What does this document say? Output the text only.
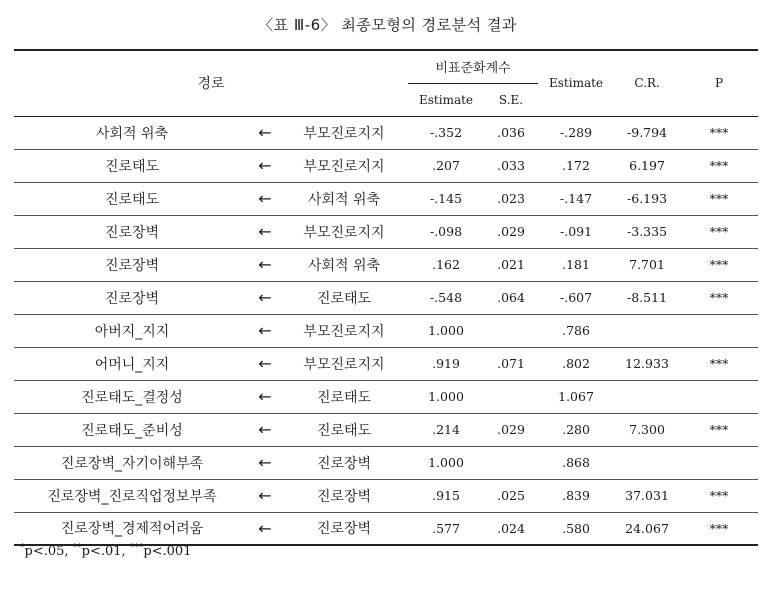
〈표 Ⅲ-6〉 최종모형의 경로분석 결과
경로			비표준화계수		Estimate	C.R.	P
			Estimate	S.E.			
사회적 위축	←	부모진로지지	-.352	.036	-.289	-9.794	***
진로태도	←	부모진로지지	.207	.033	.172	6.197	***
진로태도	←	사회적 위축	-.145	.023	-.147	-6.193	***
진로장벽	←	부모진로지지	-.098	.029	-.091	-3.335	***
진로장벽	←	사회적 위축	.162	.021	.181	7.701	***
진로장벽	←	진로태도	-.548	.064	-.607	-8.511	***
아버지_지지	←	부모진로지지	1.000		.786		
어머니_지지	←	부모진로지지	.919	.071	.802	12.933	***
진로태도_결정성	←	진로태도	1.000		1.067		
진로태도_준비성	←	진로태도	.214	.029	.280	7.300	***
진로장벽_자기이해부족	←	진로장벽	1.000		.868		
진로장벽_진로직업정보부족	←	진로장벽	.915	.025	.839	37.031	***
진로장벽_경제적어려움	←	진로장벽	.577	.024	.580	24.067	***
*p<.05, **p<.01, ***p<.001
